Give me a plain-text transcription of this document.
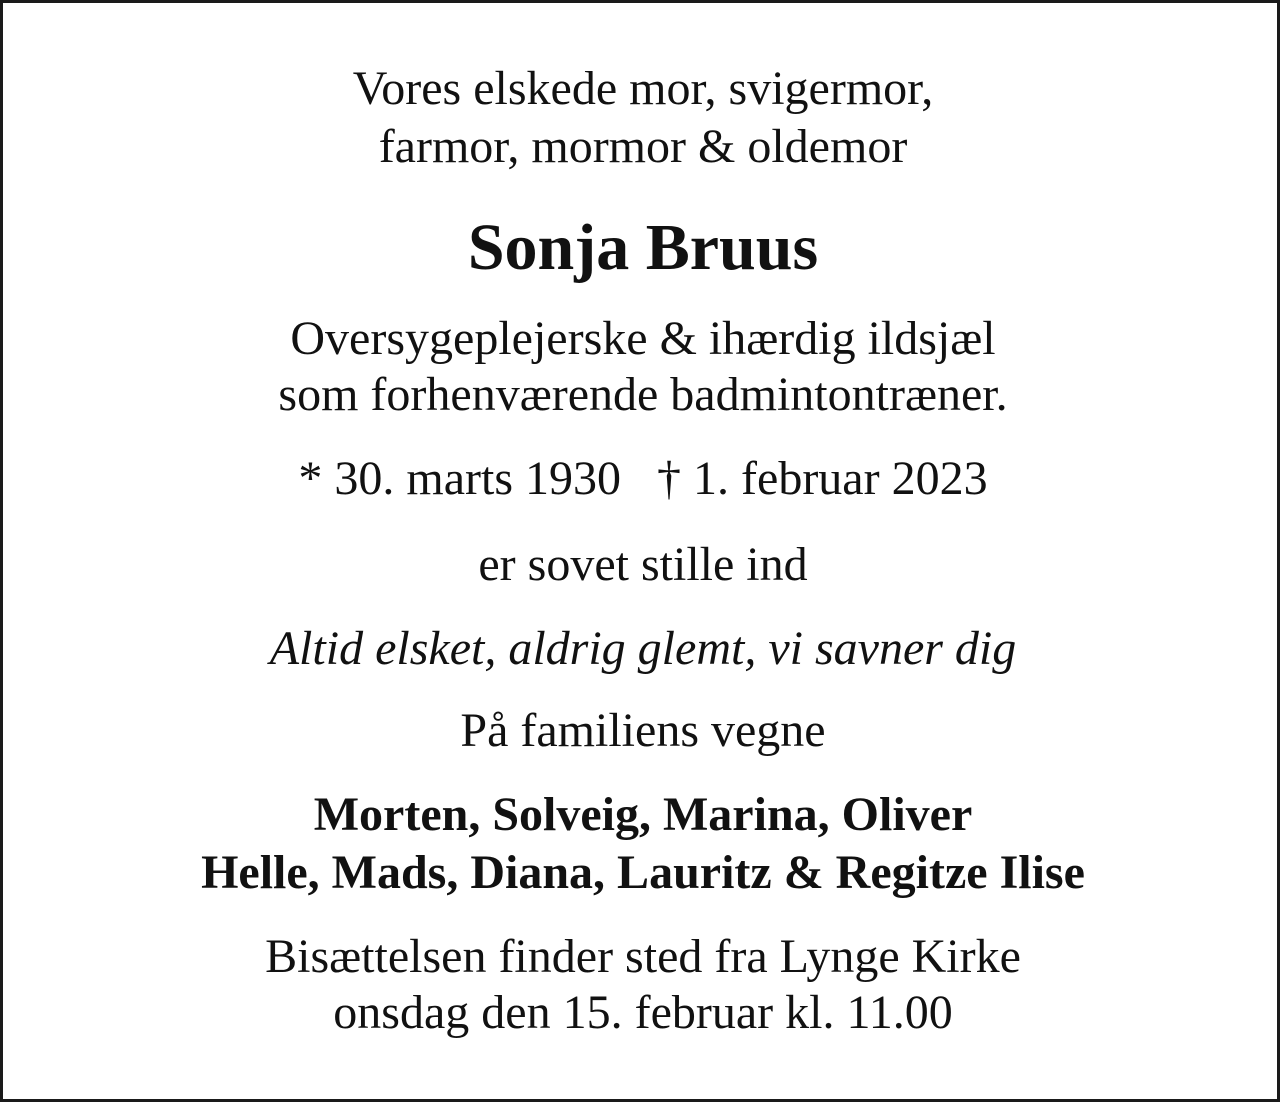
Vores elskede mor, svigermor,
farmor, mormor & oldemor
Sonja Bruus
Oversygeplejerske & ihærdig ildsjæl
som forhenværende badmintontræner.
* 30. marts 1930 † 1. februar 2023
er sovet stille ind
Altid elsket, aldrig glemt, vi savner dig
På familiens vegne
Morten, Solveig, Marina, Oliver
Helle, Mads, Diana, Lauritz & Regitze Ilise
Bisættelsen finder sted fra Lynge Kirke
onsdag den 15. februar kl. 11.00
